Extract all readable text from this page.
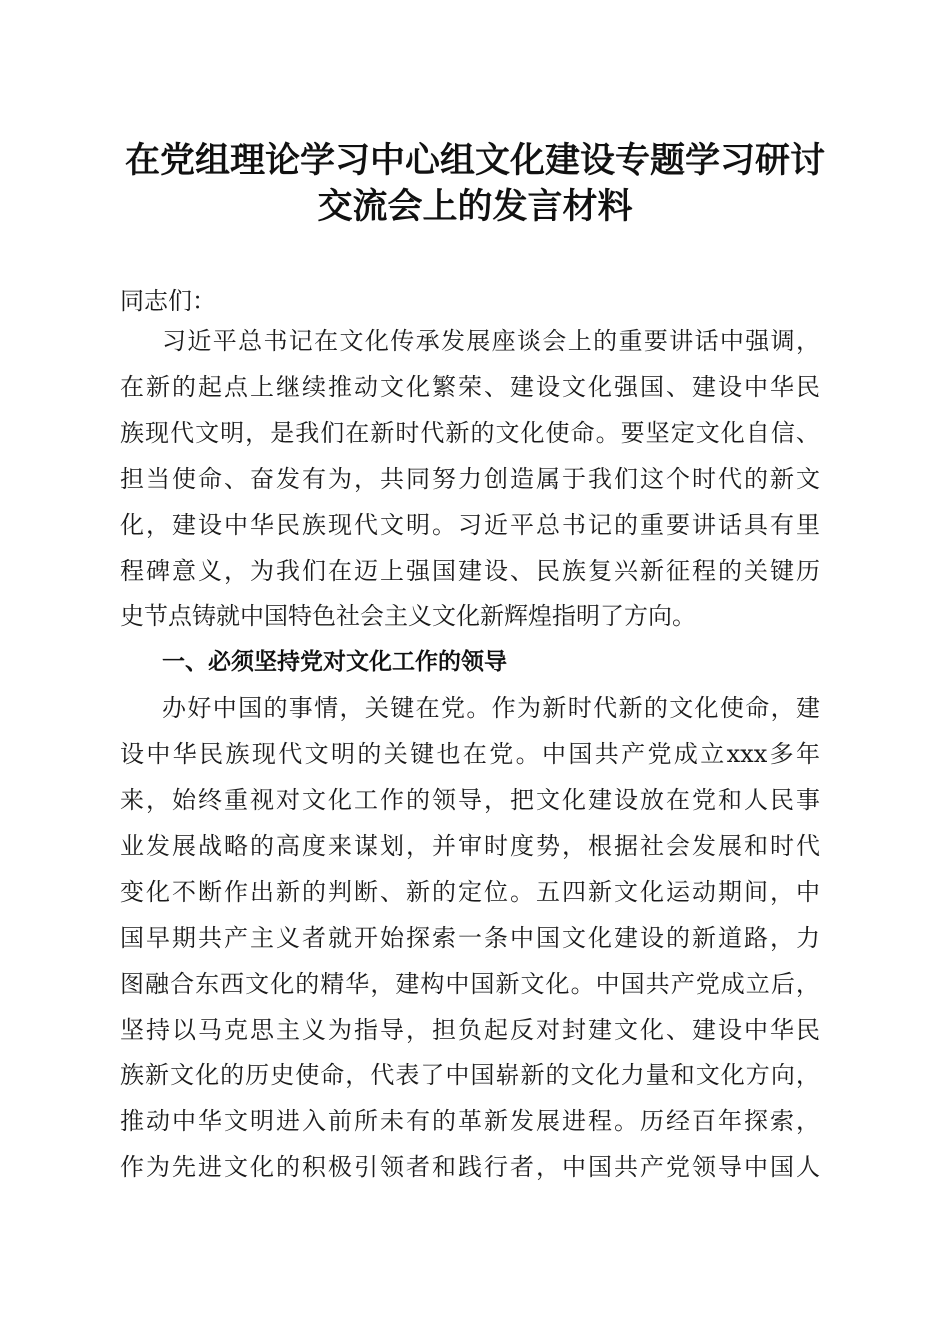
在党组理论学习中心组文化建设专题学习研讨
交流会上的发言材料
同志们：
习 近 平 总 书 记 在 文 化 传 承 发 展 座 谈 会 上 的 重 要 讲 话 中 强 调 ，
在 新 的 起 点 上 继 续 推 动 文 化 繁 荣 、 建 设 文 化 强 国 、 建 设 中 华 民
族 现 代 文 明 ， 是 我 们 在 新 时 代 新 的 文 化 使 命 。 要 坚 定 文 化 自 信 、
担 当 使 命 、 奋 发 有 为 ， 共 同 努 力 创 造 属 于 我 们 这 个 时 代 的 新 文
化 ， 建 设 中 华 民 族 现 代 文 明 。 习 近 平 总 书 记 的 重 要 讲 话 具 有 里
程 碑 意 义 ， 为 我 们 在 迈 上 强 国 建 设 、 民 族 复 兴 新 征 程 的 关 键 历
史节点铸就中国特色社会主义文化新辉煌指明了方向。
一、必须坚持党对文化工作的领导
办 好 中 国 的 事 情 ， 关 键 在 党 。 作 为 新 时 代 新 的 文 化 使 命 ， 建
设 中 华 民 族 现 代 文 明 的 关 键 也 在 党 。 中 国 共 产 党 成 立 xxx 多 年
来 ， 始 终 重 视 对 文 化 工 作 的 领 导 ， 把 文 化 建 设 放 在 党 和 人 民 事
业 发 展 战 略 的 高 度 来 谋 划 ， 并 审 时 度 势 ， 根 据 社 会 发 展 和 时 代
变 化 不 断 作 出 新 的 判 断 、 新 的 定 位 。 五 四 新 文 化 运 动 期 间 ， 中
国 早 期 共 产 主 义 者 就 开 始 探 索 一 条 中 国 文 化 建 设 的 新 道 路 ， 力
图 融 合 东 西 文 化 的 精 华 ， 建 构 中 国 新 文 化 。 中 国 共 产 党 成 立 后 ，
坚 持 以 马 克 思 主 义 为 指 导 ， 担 负 起 反 对 封 建 文 化 、 建 设 中 华 民
族 新 文 化 的 历 史 使 命 ， 代 表 了 中 国 崭 新 的 文 化 力 量 和 文 化 方 向 ，
推 动 中 华 文 明 进 入 前 所 未 有 的 革 新 发 展 进 程 。 历 经 百 年 探 索 ，
作 为 先 进 文 化 的 积 极 引 领 者 和 践 行 者 ， 中 国 共 产 党 领 导 中 国 人
